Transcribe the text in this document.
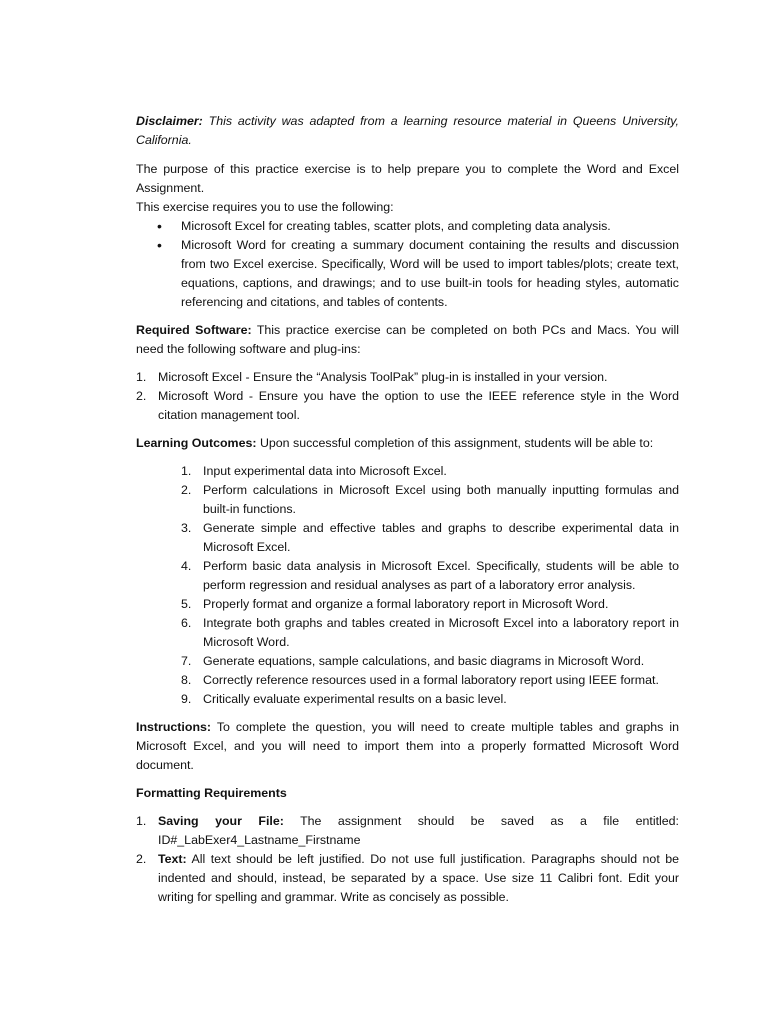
Disclaimer: This activity was adapted from a learning resource material in Queens University, California.

The purpose of this practice exercise is to help prepare you to complete the Word and Excel Assignment.

This exercise requires you to use the following:

• Microsoft Excel for creating tables, scatter plots, and completing data analysis.
• Microsoft Word for creating a summary document containing the results and discussion from two Excel exercise. Specifically, Word will be used to import tables/plots; create text, equations, captions, and drawings; and to use built-in tools for heading styles, automatic referencing and citations, and tables of contents.

Required Software: This practice exercise can be completed on both PCs and Macs. You will need the following software and plug-ins:

1. Microsoft Excel - Ensure the “Analysis ToolPak” plug-in is installed in your version.
2. Microsoft Word - Ensure you have the option to use the IEEE reference style in the Word citation management tool.

Learning Outcomes: Upon successful completion of this assignment, students will be able to:

1. Input experimental data into Microsoft Excel.
2. Perform calculations in Microsoft Excel using both manually inputting formulas and built-in functions.
3. Generate simple and effective tables and graphs to describe experimental data in Microsoft Excel.
4. Perform basic data analysis in Microsoft Excel. Specifically, students will be able to perform regression and residual analyses as part of a laboratory error analysis.
5. Properly format and organize a formal laboratory report in Microsoft Word.
6. Integrate both graphs and tables created in Microsoft Excel into a laboratory report in Microsoft Word.
7. Generate equations, sample calculations, and basic diagrams in Microsoft Word.
8. Correctly reference resources used in a formal laboratory report using IEEE format.
9. Critically evaluate experimental results on a basic level.

Instructions: To complete the question, you will need to create multiple tables and graphs in Microsoft Excel, and you will need to import them into a properly formatted Microsoft Word document.

Formatting Requirements

1. Saving your File: The assignment should be saved as a file entitled: ID#_LabExer4_Lastname_Firstname
2. Text: All text should be left justified. Do not use full justification. Paragraphs should not be indented and should, instead, be separated by a space. Use size 11 Calibri font. Edit your writing for spelling and grammar. Write as concisely as possible.
